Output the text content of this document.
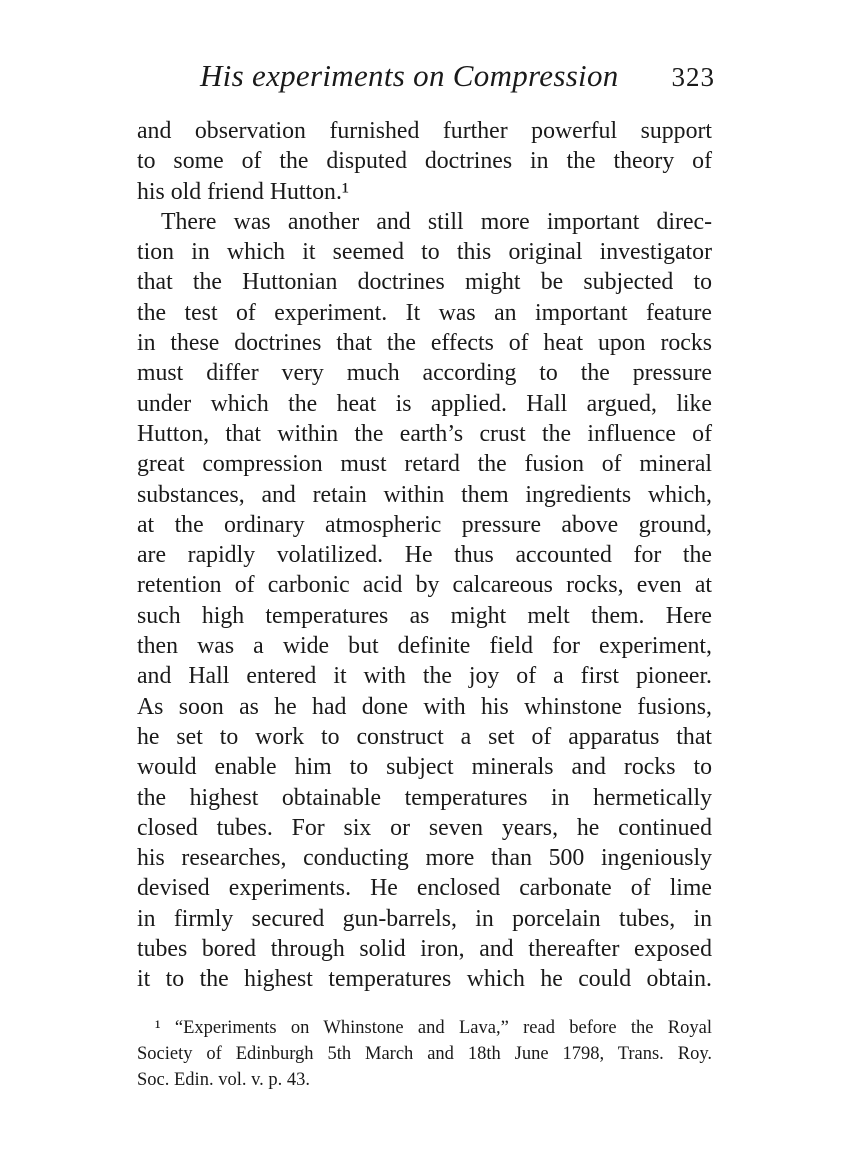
His experiments on Compression 323
and observation furnished further powerful support
to some of the disputed doctrines in the theory of
his old friend Hutton.¹
There was another and still more important direc-
tion in which it seemed to this original investigator
that the Huttonian doctrines might be subjected to
the test of experiment. It was an important feature
in these doctrines that the effects of heat upon rocks
must differ very much according to the pressure
under which the heat is applied. Hall argued, like
Hutton, that within the earth’s crust the influence of
great compression must retard the fusion of mineral
substances, and retain within them ingredients which,
at the ordinary atmospheric pressure above ground,
are rapidly volatilized. He thus accounted for the
retention of carbonic acid by calcareous rocks, even at
such high temperatures as might melt them. Here
then was a wide but definite field for experiment,
and Hall entered it with the joy of a first pioneer.
As soon as he had done with his whinstone fusions,
he set to work to construct a set of apparatus that
would enable him to subject minerals and rocks to
the highest obtainable temperatures in hermetically
closed tubes. For six or seven years, he continued
his researches, conducting more than 500 ingeniously
devised experiments. He enclosed carbonate of lime
in firmly secured gun-barrels, in porcelain tubes, in
tubes bored through solid iron, and thereafter exposed
it to the highest temperatures which he could obtain.
¹ “Experiments on Whinstone and Lava,” read before the Royal
Society of Edinburgh 5th March and 18th June 1798, Trans. Roy.
Soc. Edin. vol. v. p. 43.
